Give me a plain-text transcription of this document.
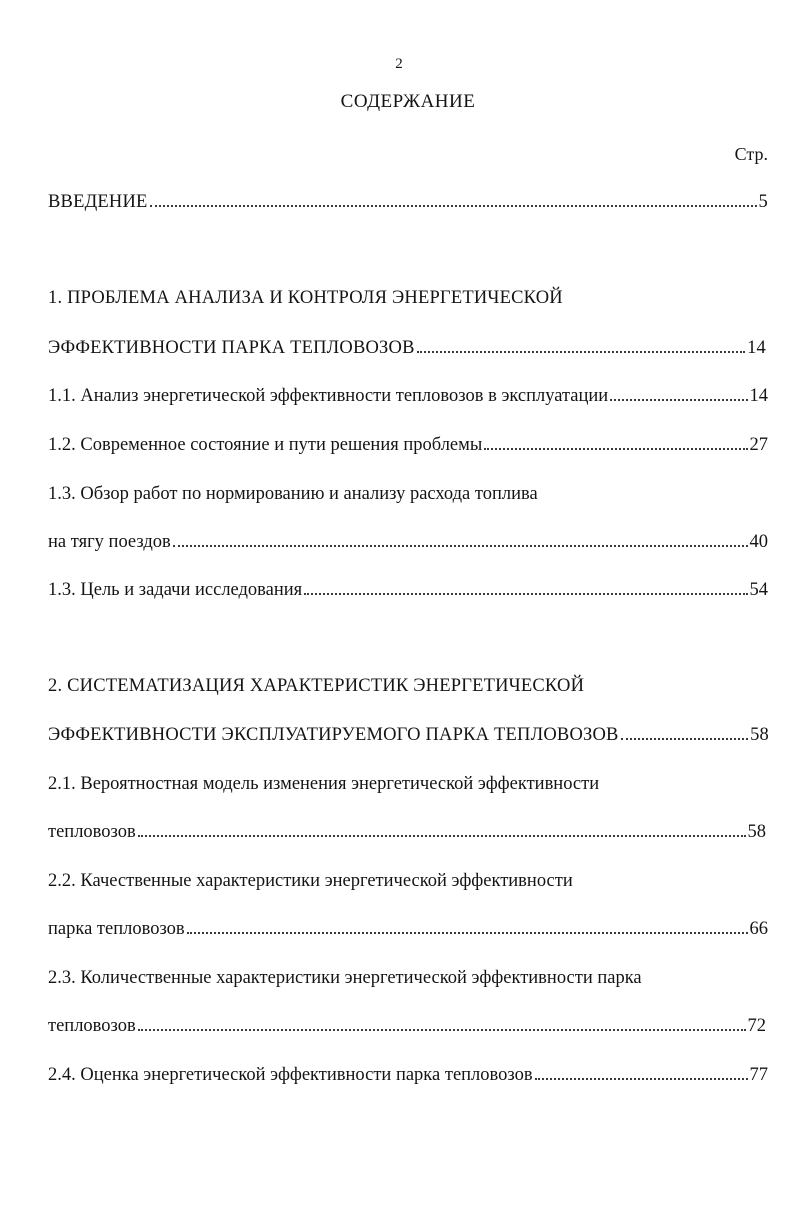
2
СОДЕРЖАНИЕ
Стр.
ВВЕДЕНИЕ	5
1. ПРОБЛЕМА АНАЛИЗА И КОНТРОЛЯ ЭНЕРГЕТИЧЕСКОЙ
ЭФФЕКТИВНОСТИ ПАРКА ТЕПЛОВОЗОВ	14
1.1. Анализ энергетической эффективности тепловозов в эксплуатации	14
1.2. Современное состояние и пути решения проблемы	27
1.3. Обзор работ по нормированию и анализу расхода топлива
на тягу поездов	40
1.3. Цель и задачи исследования	54
2. СИСТЕМАТИЗАЦИЯ ХАРАКТЕРИСТИК ЭНЕРГЕТИЧЕСКОЙ
ЭФФЕКТИВНОСТИ ЭКСПЛУАТИРУЕМОГО ПАРКА ТЕПЛОВОЗОВ	58
2.1. Вероятностная модель изменения энергетической эффективности
тепловозов	58
2.2. Качественные характеристики энергетической эффективности
парка тепловозов	66
2.3. Количественные характеристики энергетической эффективности парка
тепловозов	72
2.4. Оценка энергетической эффективности парка тепловозов	77
